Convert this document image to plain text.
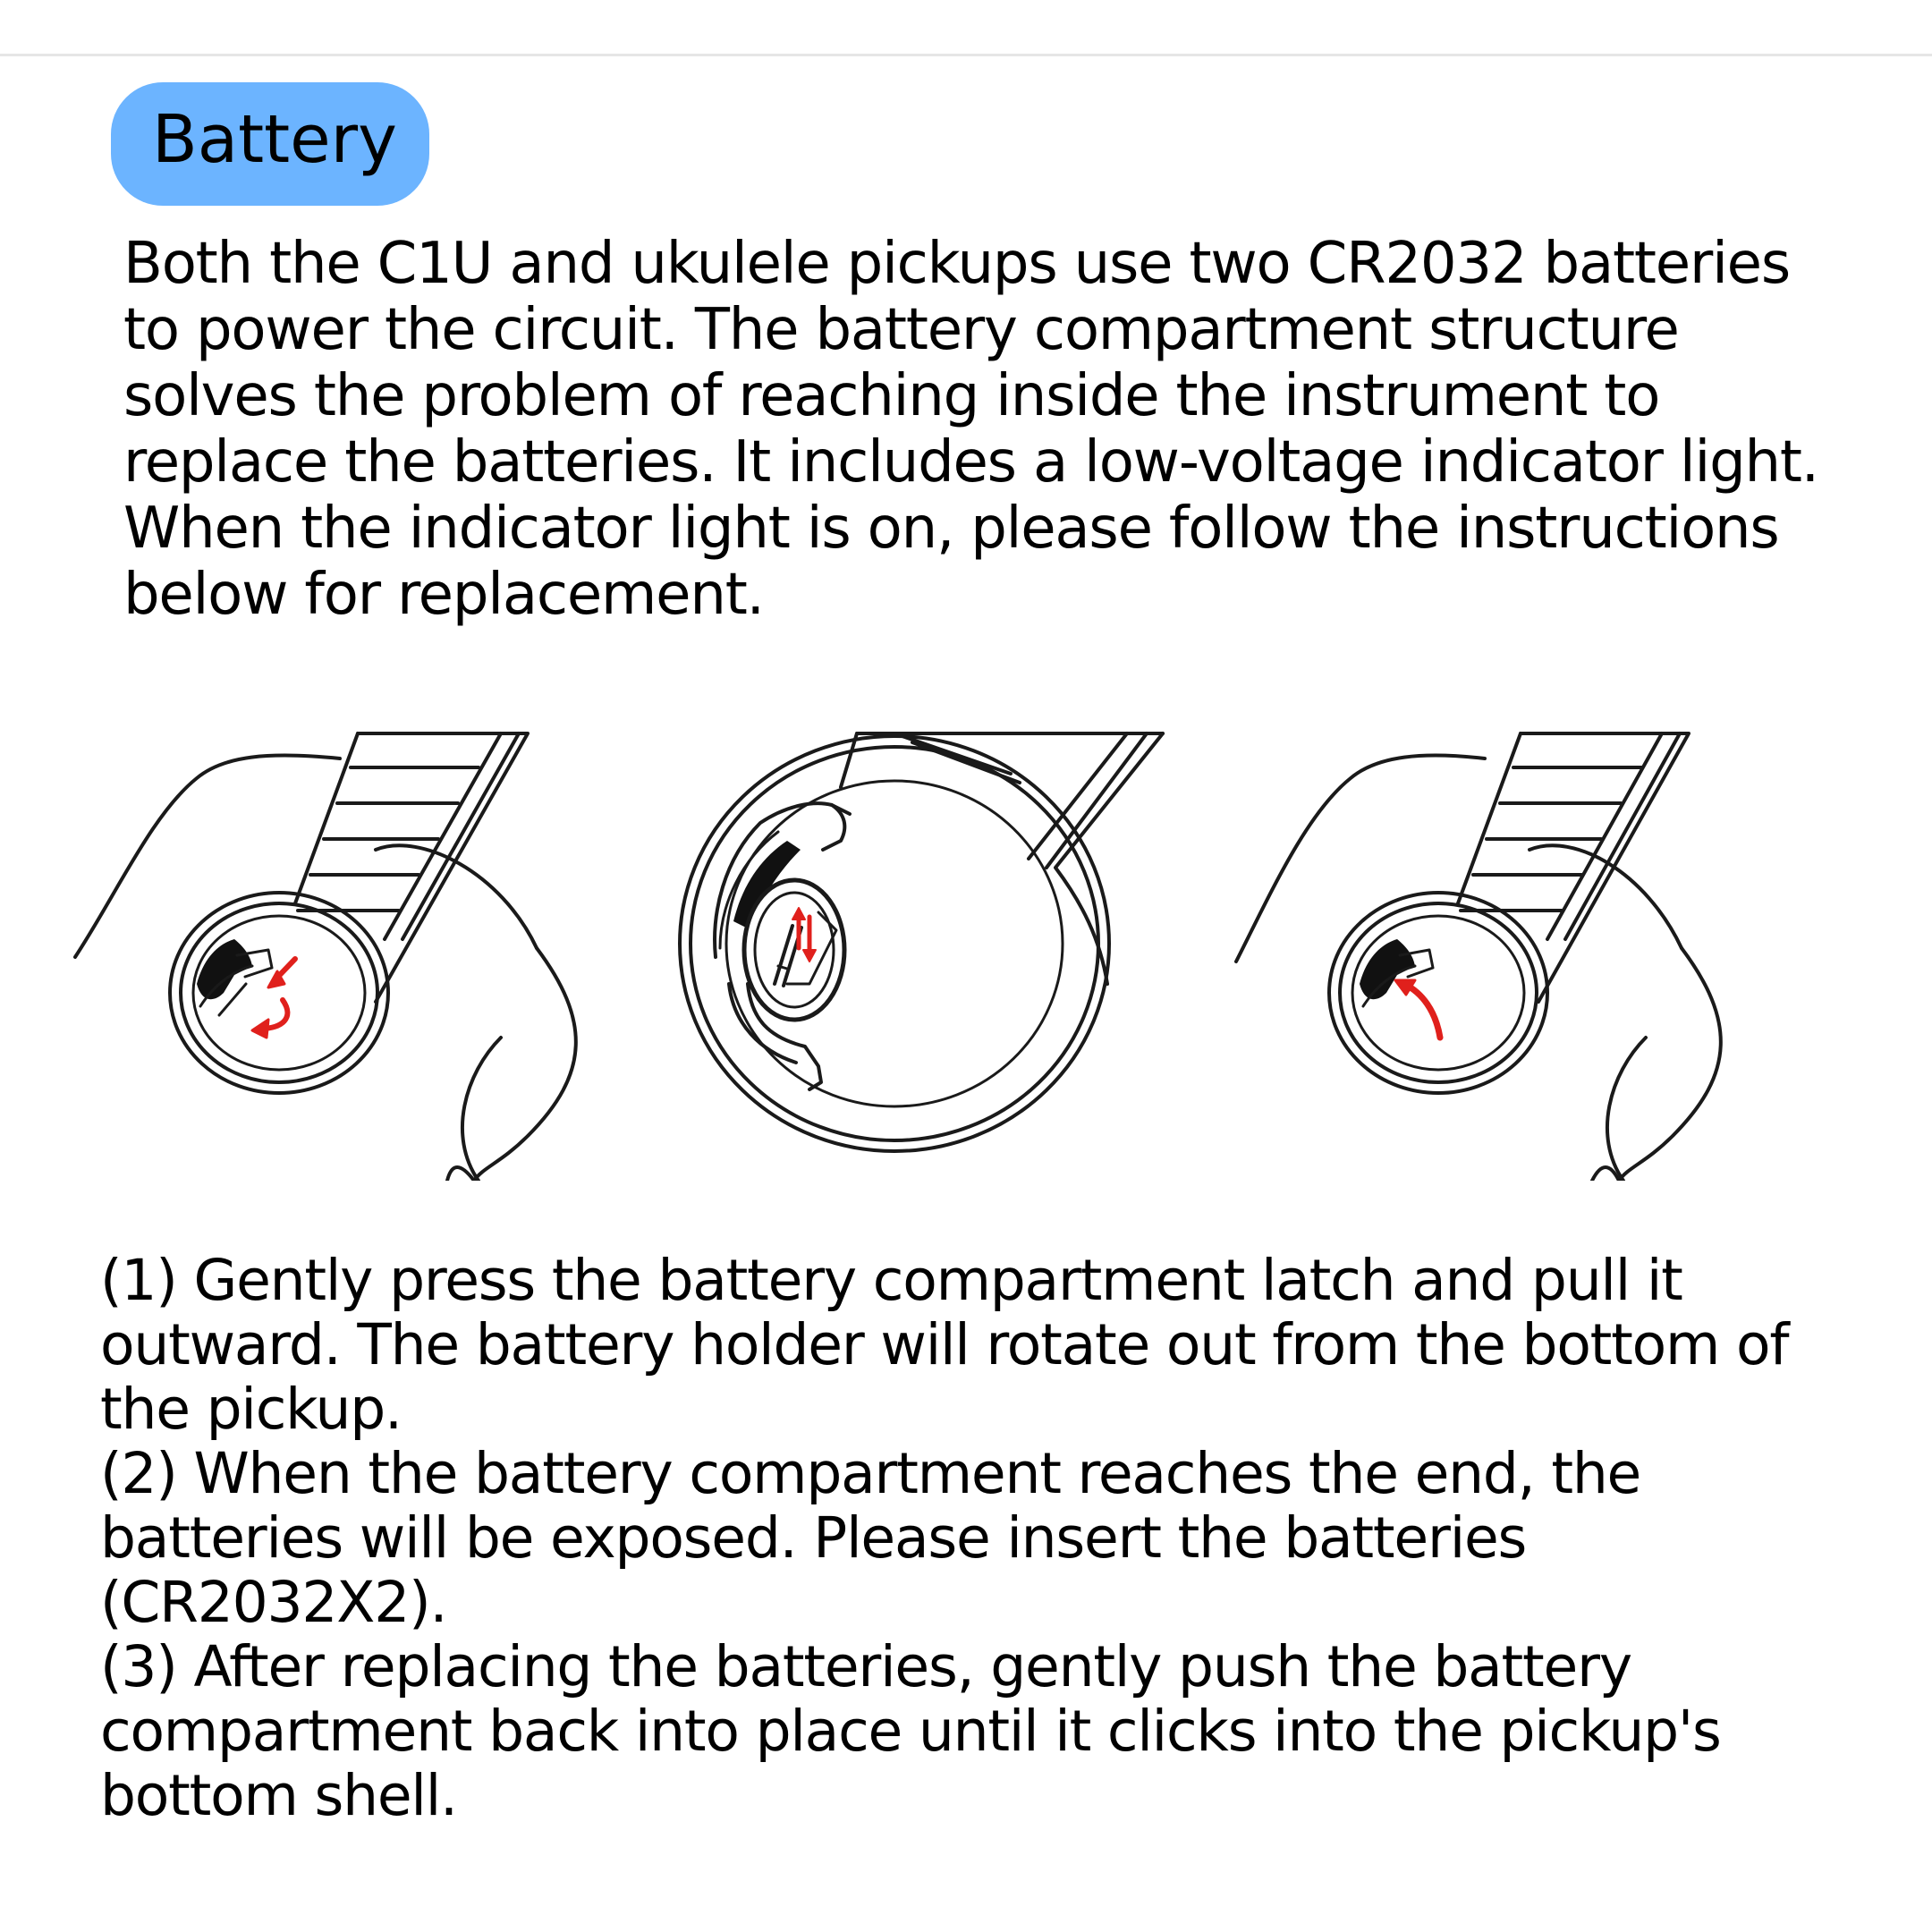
Battery

Both the C1U and ukulele pickups use two CR2032 batteries
to power the circuit. The battery compartment structure
solves the problem of reaching inside the instrument to
replace the batteries. It includes a low-voltage indicator light.
When the indicator light is on, please follow the instructions
below for replacement.

(1) Gently press the battery compartment latch and pull it
outward. The battery holder will rotate out from the bottom of
the pickup.
(2) When the battery compartment reaches the end, the
batteries will be exposed. Please insert the batteries
(CR2032X2).
(3) After replacing the batteries, gently push the battery
compartment back into place until it clicks into the pickup's
bottom shell.
